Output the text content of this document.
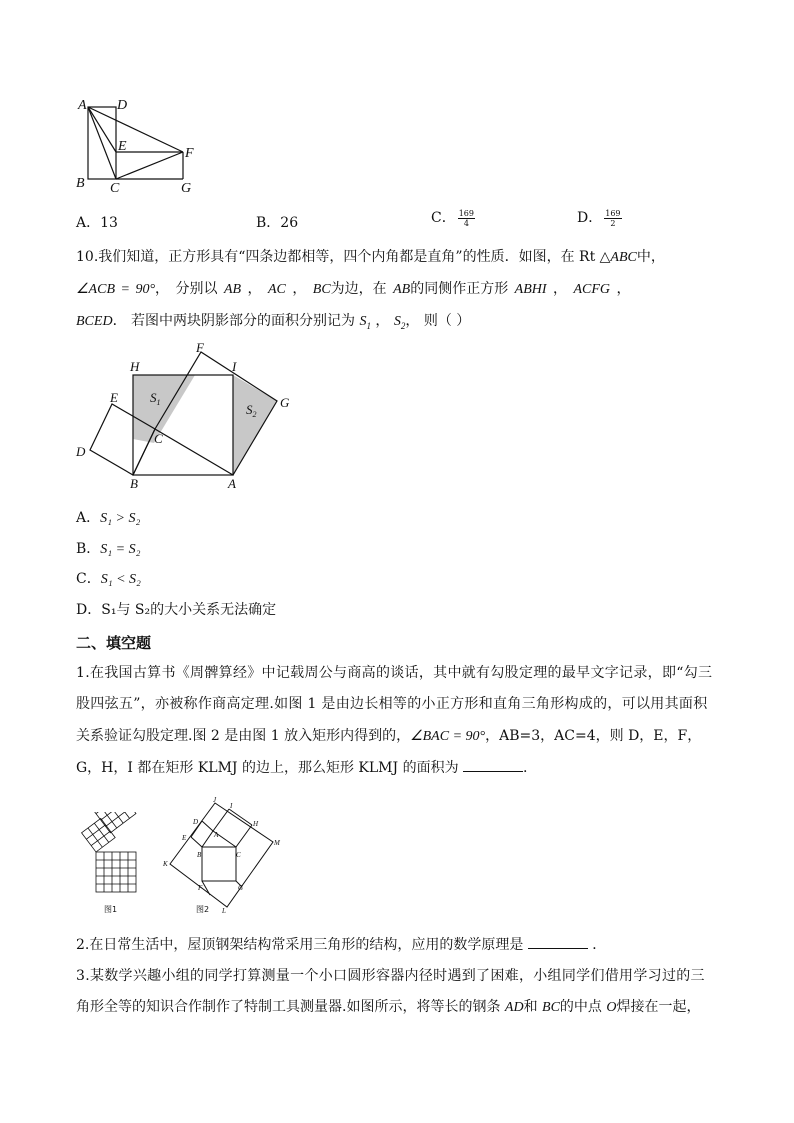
A D
E	F
B C	G
A．13	B．26	C． $\frac{169}{4}$	D． $\frac{169}{2}$
10.我们知道，正方形具有“四条边都相等，四个内角都是直角”的性质．如图，在 Rt △ABC中，
∠ACB = 90°， 分别以 AB ， AC ， BC为边，在 AB的同侧作正方形 ABHI ， ACFG ，
BCED． 若图中两块阴影部分的面积分别记为 $S_1$ ， $S_2$， 则（ ）
H
F
I
E $S_1$	$S_2$
G
C
D
B	A
A．S₁ > S₂
B．S₁ = S₂
C．S₁ < S₂
D．S₁与 S₂的大小关系无法确定
二、填空题
1.在我国古算书《周髀算经》中记载周公与商高的谈话，其中就有勾股定理的最早文字记录，即“勾三
股四弦五”，亦被称作商高定理.如图 1 是由边长相等的小正方形和直角三角形构成的，可以用其面积
关系验证勾股定理.图 2 是由图 1 放入矩形内得到的，∠BAC = 90°，AB=3，AC=4，则 D，E，F，
G，H，I 都在矩形 KLMJ 的边上，那么矩形 KLMJ 的面积为	.
图1
J
I
H
D
A
E
M
K
B	C
F	G
L
图2
2.在日常生活中，屋顶钢架结构常采用三角形的结构，应用的数学原理是	．
3.某数学兴趣小组的同学打算测量一个小口圆形容器内径时遇到了困难，小组同学们借用学习过的三
角形全等的知识合作制作了特制工具测量器.如图所示，将等长的钢条 AD和 BC的中点 O焊接在一起，
